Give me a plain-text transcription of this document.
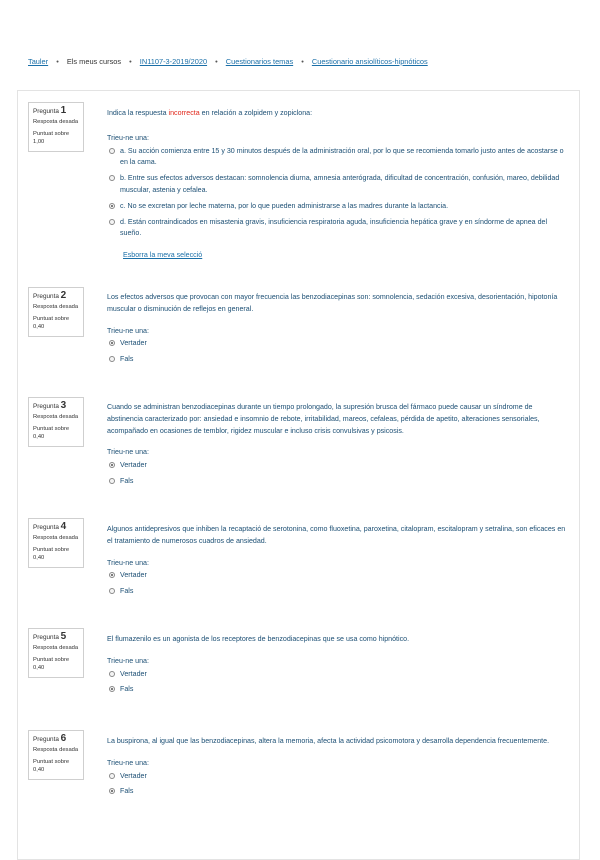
Tauler • Els meus cursos • IN1107-3-2019/2020 • Cuestionarios temas • Cuestionario ansiolíticos-hipnóticos
Pregunta 1
Resposta desada
Puntuat sobre
1,00
Indica la respuesta incorrecta en relación a zolpidem y zopiclona:
Trieu-ne una:
a. Su acción comienza entre 15 y 30 minutos después de la administración oral, por lo que se recomienda tomarlo justo antes de acostarse o en la cama.
b. Entre sus efectos adversos destacan: somnolencia diurna, amnesia anterógrada, dificultad de concentración, confusión, mareo, debilidad muscular, astenia y cefalea.
c. No se excretan por leche materna, por lo que pueden administrarse a las madres durante la lactancia.
d. Están contraindicados en misastenia gravis, insuficiencia respiratoria aguda, insuficiencia hepática grave y en síndorme de apnea del sueño.
Esborra la meva selecció
Pregunta 2
Resposta desada
Puntuat sobre
0,40
Los efectos adversos que provocan con mayor frecuencia las benzodiacepinas son: somnolencia, sedación excesiva, desorientación, hipotonía muscular o disminución de reflejos en general.
Trieu-ne una:
Vertader
Fals
Pregunta 3
Resposta desada
Puntuat sobre
0,40
Cuando se administran benzodiacepinas durante un tiempo prolongado, la supresión brusca del fármaco puede causar un síndrome de abstinencia caracterizado por: ansiedad e insomnio de rebote, irritabilidad, mareos, cefaleas, pérdida de apetito, alteraciones sensoriales, acompañado en ocasiones de temblor, rigidez muscular e incluso crisis convulsivas y psicosis.
Trieu-ne una:
Vertader
Fals
Pregunta 4
Resposta desada
Puntuat sobre
0,40
Algunos antidepresivos que inhiben la recaptació de serotonina, como fluoxetina, paroxetina, citalopram, escitalopram y setralina, son eficaces en el tratamiento de numerosos cuadros de ansiedad.
Trieu-ne una:
Vertader
Fals
Pregunta 5
Resposta desada
Puntuat sobre
0,40
El flumazenilo es un agonista de los receptores de benzodiacepinas que se usa como hipnótico.
Trieu-ne una:
Vertader
Fals
Pregunta 6
Resposta desada
Puntuat sobre
0,40
La buspirona, al igual que las benzodiacepinas, altera la memoria, afecta la actividad psicomotora y desarrolla dependencia frecuentemente.
Trieu-ne una:
Vertader
Fals
